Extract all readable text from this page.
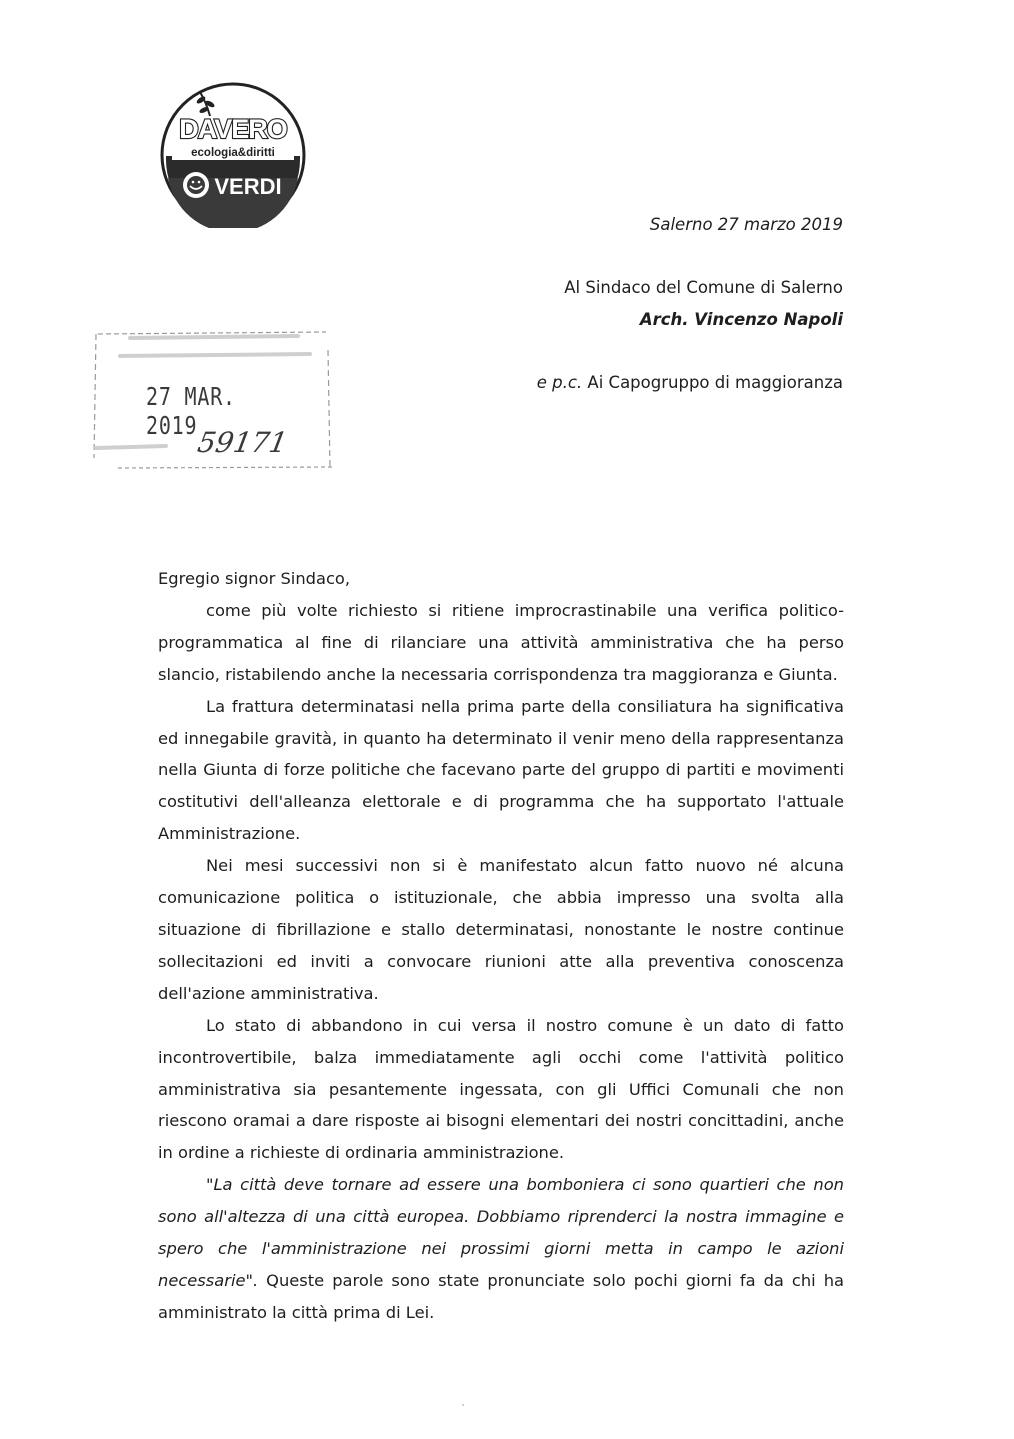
DAVERO
ecologia&diritti
VERDI
Salerno 27 marzo 2019
Al Sindaco del Comune di Salerno
Arch. Vincenzo Napoli
e p.c. Ai Capogruppo di maggioranza
27 MAR. 2019
59171

Egregio signor Sindaco,

come più volte richiesto si ritiene improcrastinabile una verifica politico-programmatica al fine di rilanciare una attività amministrativa che ha perso slancio, ristabilendo anche la necessaria corrispondenza tra maggioranza e Giunta.

La frattura determinatasi nella prima parte della consiliatura ha significativa ed innegabile gravità, in quanto ha determinato il venir meno della rappresentanza nella Giunta di forze politiche che facevano parte del gruppo di partiti e movimenti costitutivi dell'alleanza elettorale e di programma che ha supportato l'attuale Amministrazione.

Nei mesi successivi non si è manifestato alcun fatto nuovo né alcuna comunicazione politica o istituzionale, che abbia impresso una svolta alla situazione di fibrillazione e stallo determinatasi, nonostante le nostre continue sollecitazioni ed inviti a convocare riunioni atte alla preventiva conoscenza dell'azione amministrativa.

Lo stato di abbandono in cui versa il nostro comune è un dato di fatto incontrovertibile, balza immediatamente agli occhi come l'attività politico amministrativa sia pesantemente ingessata, con gli Uffici Comunali che non riescono oramai a dare risposte ai bisogni elementari dei nostri concittadini, anche in ordine a richieste di ordinaria amministrazione.

"La città deve tornare ad essere una bomboniera ci sono quartieri che non sono all'altezza di una città europea. Dobbiamo riprenderci la nostra immagine e spero che l'amministrazione nei prossimi giorni metta in campo le azioni necessarie". Queste parole sono state pronunciate solo pochi giorni fa da chi ha amministrato la città prima di Lei.
